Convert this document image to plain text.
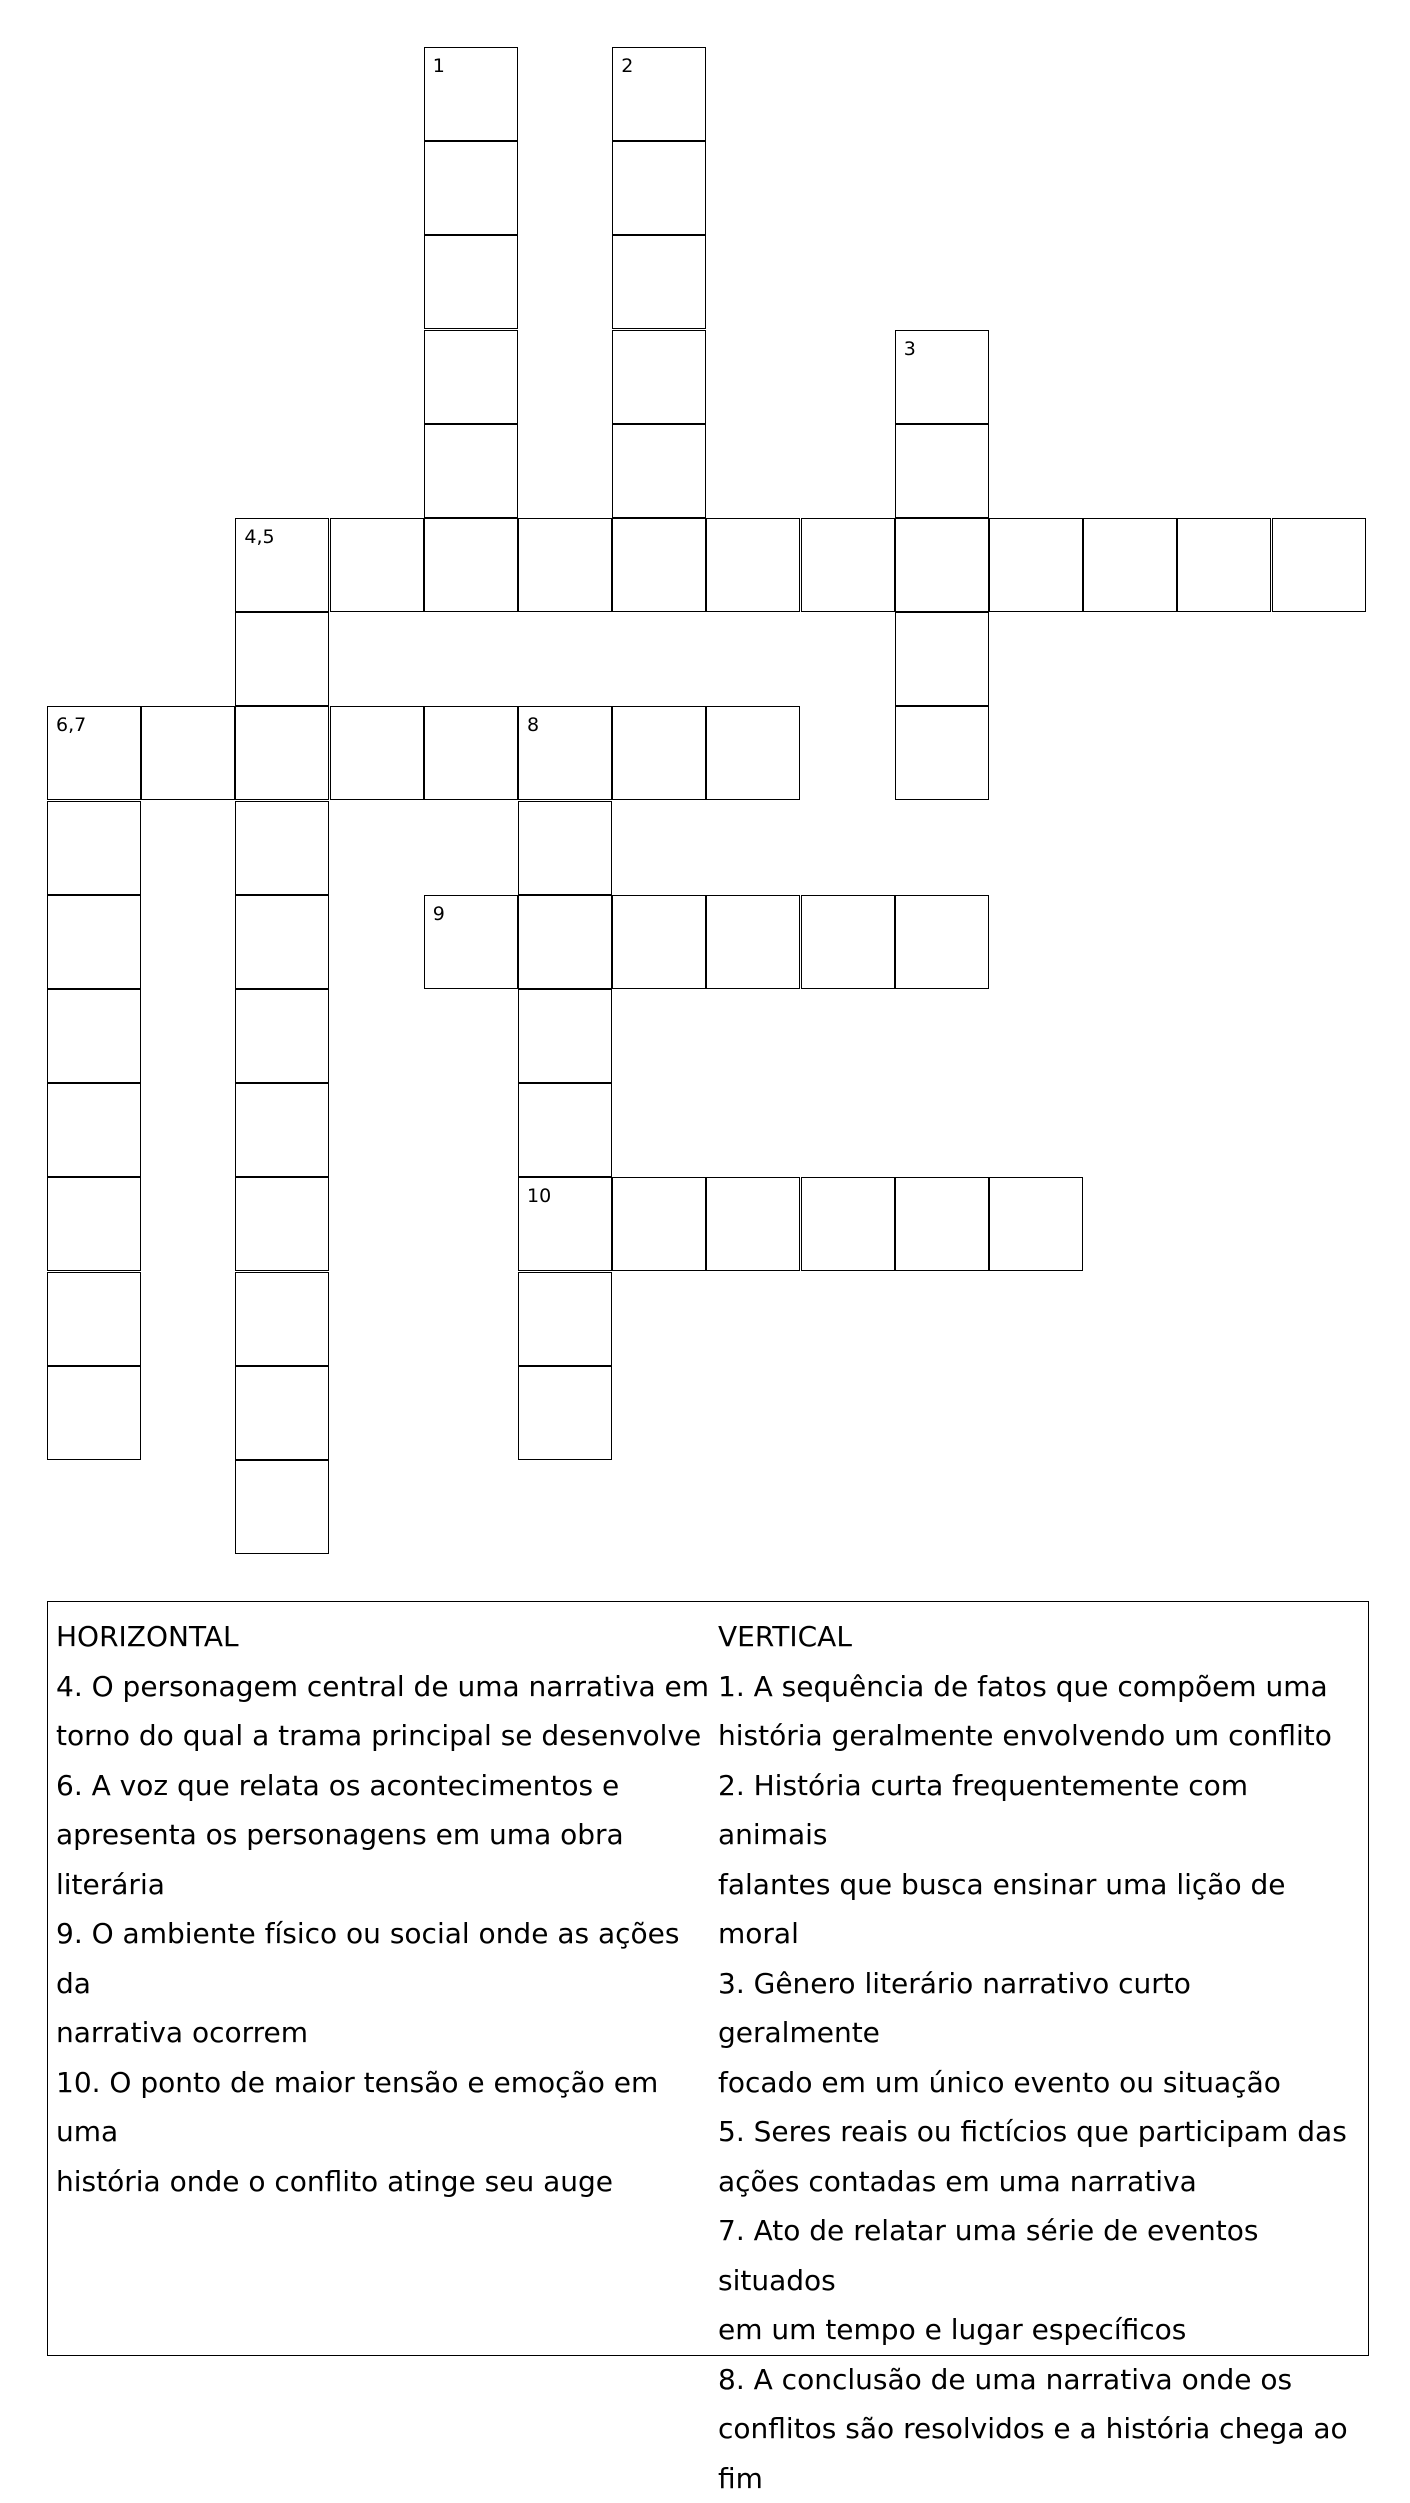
1	2
3
4,5
6,7	8
9
10
HORIZONTAL
4. O personagem central de uma narrativa em
torno do qual a trama principal se desenvolve
6. A voz que relata os acontecimentos e
apresenta os personagens em uma obra
literária
9. O ambiente físico ou social onde as ações da
narrativa ocorrem
10. O ponto de maior tensão e emoção em uma
história onde o conflito atinge seu auge
VERTICAL
1. A sequência de fatos que compõem uma
história geralmente envolvendo um conflito
2. História curta frequentemente com animais
falantes que busca ensinar uma lição de moral
3. Gênero literário narrativo curto geralmente
focado em um único evento ou situação
5. Seres reais ou fictícios que participam das
ações contadas em uma narrativa
7. Ato de relatar uma série de eventos situados
em um tempo e lugar específicos
8. A conclusão de uma narrativa onde os
conflitos são resolvidos e a história chega ao
fim
